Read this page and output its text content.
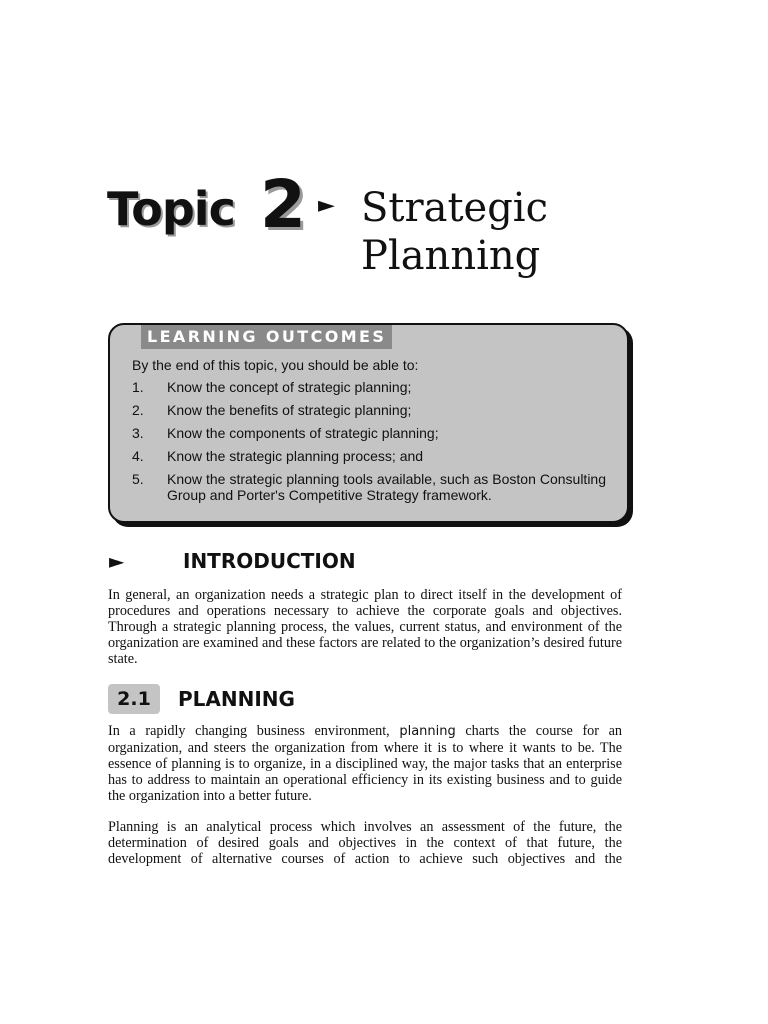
Topic 2 ► Strategic
Planning
LEARNING OUTCOMES
By the end of this topic, you should be able to:
1.	Know the concept of strategic planning;
2.	Know the benefits of strategic planning;
3.	Know the components of strategic planning;
4.	Know the strategic planning process; and
5.	Know the strategic planning tools available, such as Boston Consulting Group and Porter's Competitive Strategy framework.
►	INTRODUCTION

In general, an organization needs a strategic plan to direct itself in the development of procedures and operations necessary to achieve the corporate goals and objectives. Through a strategic planning process, the values, current status, and environment of the organization are examined and these factors are related to the organization’s desired future state.

2.1	PLANNING

In a rapidly changing business environment, planning charts the course for an organization, and steers the organization from where it is to where it wants to be. The essence of planning is to organize, in a disciplined way, the major tasks that an enterprise has to address to maintain an operational efficiency in its existing business and to guide the organization into a better future.

Planning is an analytical process which involves an assessment of the future, the determination of desired goals and objectives in the context of that future, the development of alternative courses of action to achieve such objectives and the
